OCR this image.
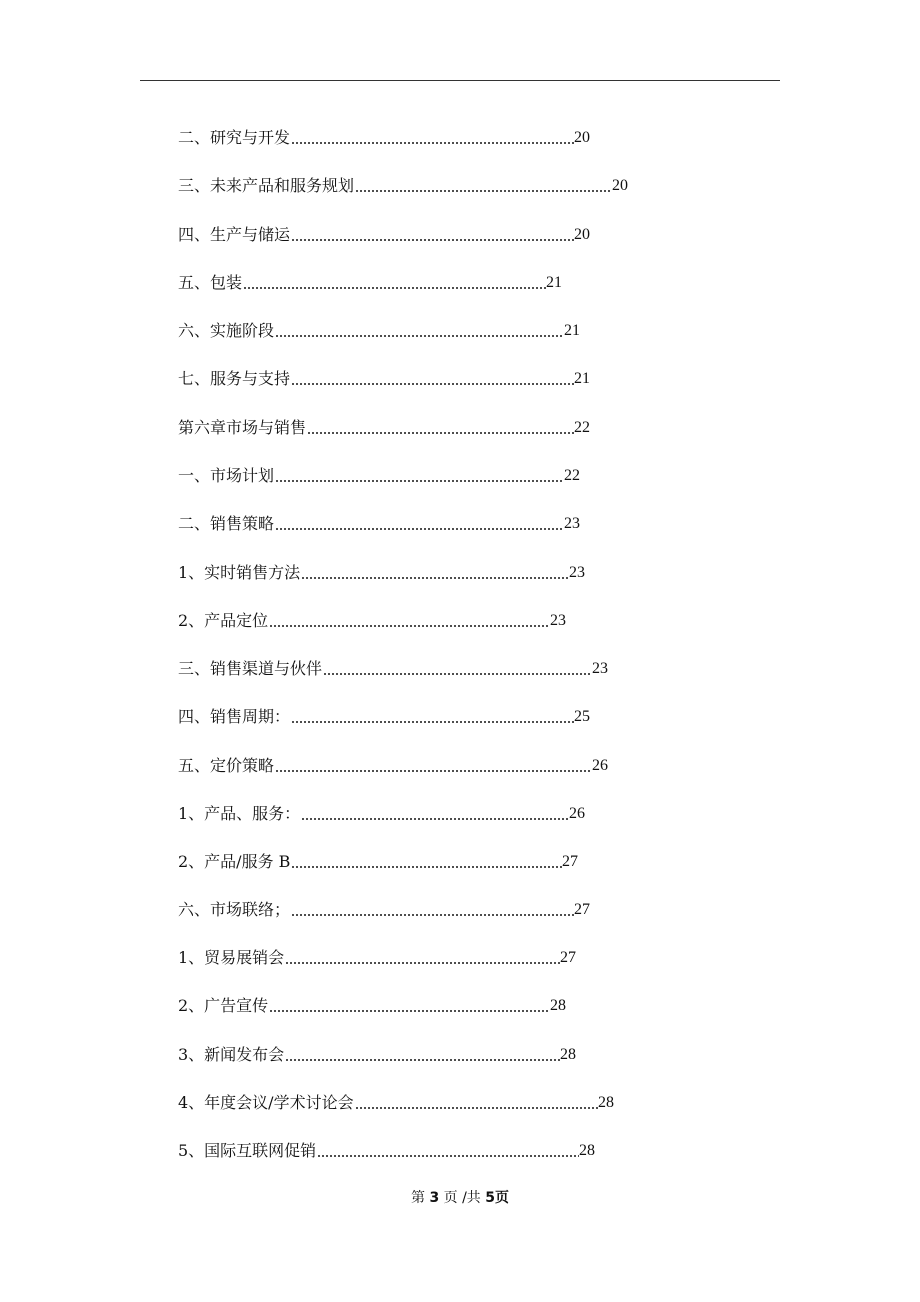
二、研究与开发	20
三、未来产品和服务规划	20
四、生产与储运	20
五、包装	21
六、实施阶段	21
七、服务与支持	21
第六章市场与销售	22
一、市场计划	22
二、销售策略	23
1、实时销售方法	23
2、产品定位	23
三、销售渠道与伙伴	23
四、销售周期：	25
五、定价策略	26
1、产品、服务：	26
2、产品/服务 B	27
六、市场联络；	27
1、贸易展销会	27
2、广告宣传	28
3、新闻发布会	28
4、年度会议/学术讨论会	28
5、国际互联网促销	28
第 3 页 /共 5页
